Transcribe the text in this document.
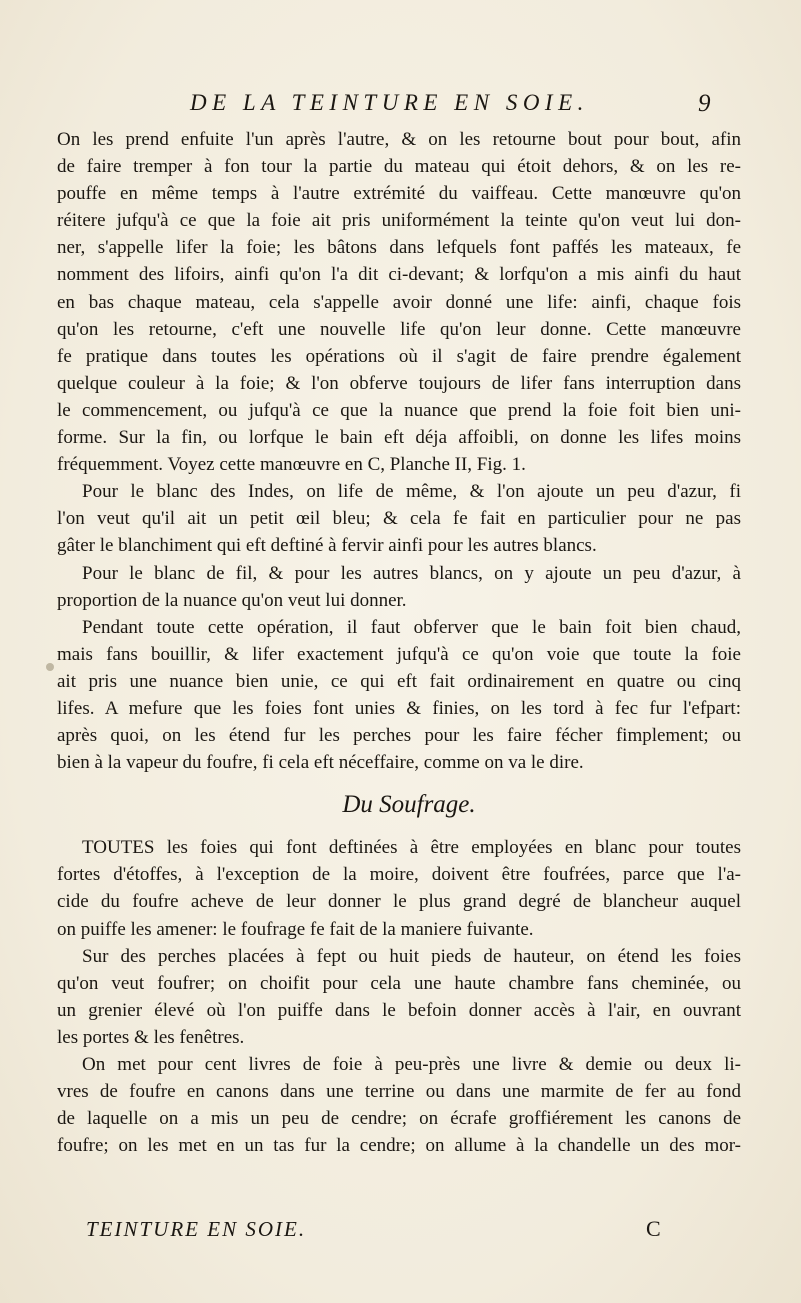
DE LA TEINTURE EN SOIE.	9
On les prend enfuite l'un après l'autre, & on les retourne bout pour bout, afin
de faire tremper à fon tour la partie du mateau qui étoit dehors, & on les re-
pouffe en même temps à l'autre extrémité du vaiffeau. Cette manœuvre qu'on
réitere jufqu'à ce que la foie ait pris uniformément la teinte qu'on veut lui don-
ner, s'appelle lifer la foie; les bâtons dans lefquels font paffés les mateaux, fe
nomment des lifoirs, ainfi qu'on l'a dit ci-devant; & lorfqu'on a mis ainfi du haut
en bas chaque mateau, cela s'appelle avoir donné une life: ainfi, chaque fois
qu'on les retourne, c'eft une nouvelle life qu'on leur donne. Cette manœuvre
fe pratique dans toutes les opérations où il s'agit de faire prendre également
quelque couleur à la foie; & l'on obferve toujours de lifer fans interruption dans
le commencement, ou jufqu'à ce que la nuance que prend la foie foit bien uni-
forme. Sur la fin, ou lorfque le bain eft déja affoibli, on donne les lifes moins
fréquemment. Voyez cette manœuvre en C, Planche II, Fig. 1.
Pour le blanc des Indes, on life de même, & l'on ajoute un peu d'azur, fi
l'on veut qu'il ait un petit œil bleu; & cela fe fait en particulier pour ne pas
gâter le blanchiment qui eft deftiné à fervir ainfi pour les autres blancs.
Pour le blanc de fil, & pour les autres blancs, on y ajoute un peu d'azur, à
proportion de la nuance qu'on veut lui donner.
Pendant toute cette opération, il faut obferver que le bain foit bien chaud,
mais fans bouillir, & lifer exactement jufqu'à ce qu'on voie que toute la foie
ait pris une nuance bien unie, ce qui eft fait ordinairement en quatre ou cinq
lifes. A mefure que les foies font unies & finies, on les tord à fec fur l'efpart:
après quoi, on les étend fur les perches pour les faire fécher fimplement; ou
bien à la vapeur du foufre, fi cela eft néceffaire, comme on va le dire.
Du Soufrage.
TOUTES les foies qui font deftinées à être employées en blanc pour toutes
fortes d'étoffes, à l'exception de la moire, doivent être foufrées, parce que l'a-
cide du foufre acheve de leur donner le plus grand degré de blancheur auquel
on puiffe les amener: le foufrage fe fait de la maniere fuivante.
Sur des perches placées à fept ou huit pieds de hauteur, on étend les foies
qu'on veut foufrer; on choifit pour cela une haute chambre fans cheminée, ou
un grenier élevé où l'on puiffe dans le befoin donner accès à l'air, en ouvrant
les portes & les fenêtres.
On met pour cent livres de foie à peu-près une livre & demie ou deux li-
vres de foufre en canons dans une terrine ou dans une marmite de fer au fond
de laquelle on a mis un peu de cendre; on écrafe groffiérement les canons de
foufre; on les met en un tas fur la cendre; on allume à la chandelle un des mor-
TEINTURE EN SOIE.	C
